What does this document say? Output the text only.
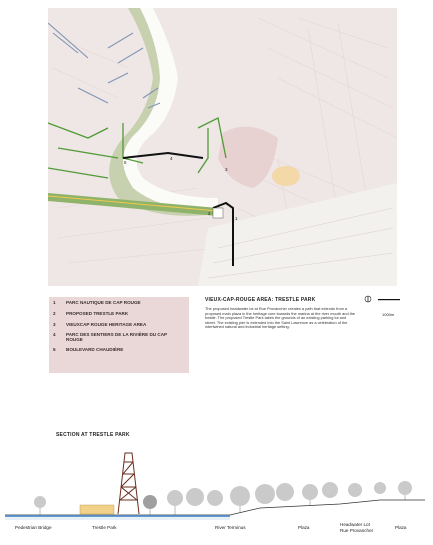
1
2
3
4
5
1	PARC NAUTIQUE DE CAP ROUGE
2	PROPOSED TRESTLE PARK
3	VIEUXCAP ROUGE HERITAGE AREA
4	PARC DES SENTIERS DE LA RIVIÈRE DU CAP ROUGE
5	BOULEVARD CHAUDIÈRE
VIEUX-CAP-ROUGE AREA: TRESTLE PARK
The proposed headwater lot at Rue Provancher creates a path that extends from a proposed main plaza in the heritage core towards the marina at the river mouth and the trestle. The proposed Trestle Park takes the grounds of an existing parking lot and street. The existing pier is extended into the Saint Lawrence as a celebration of the intertwined natural and industrial heritage setting.
1000m
SECTION AT TRESTLE PARK
Pedestrian Bridge	Trestle Park	River Terminus	Plaza
Headwater Lot
Rue Provancher
Plaza
